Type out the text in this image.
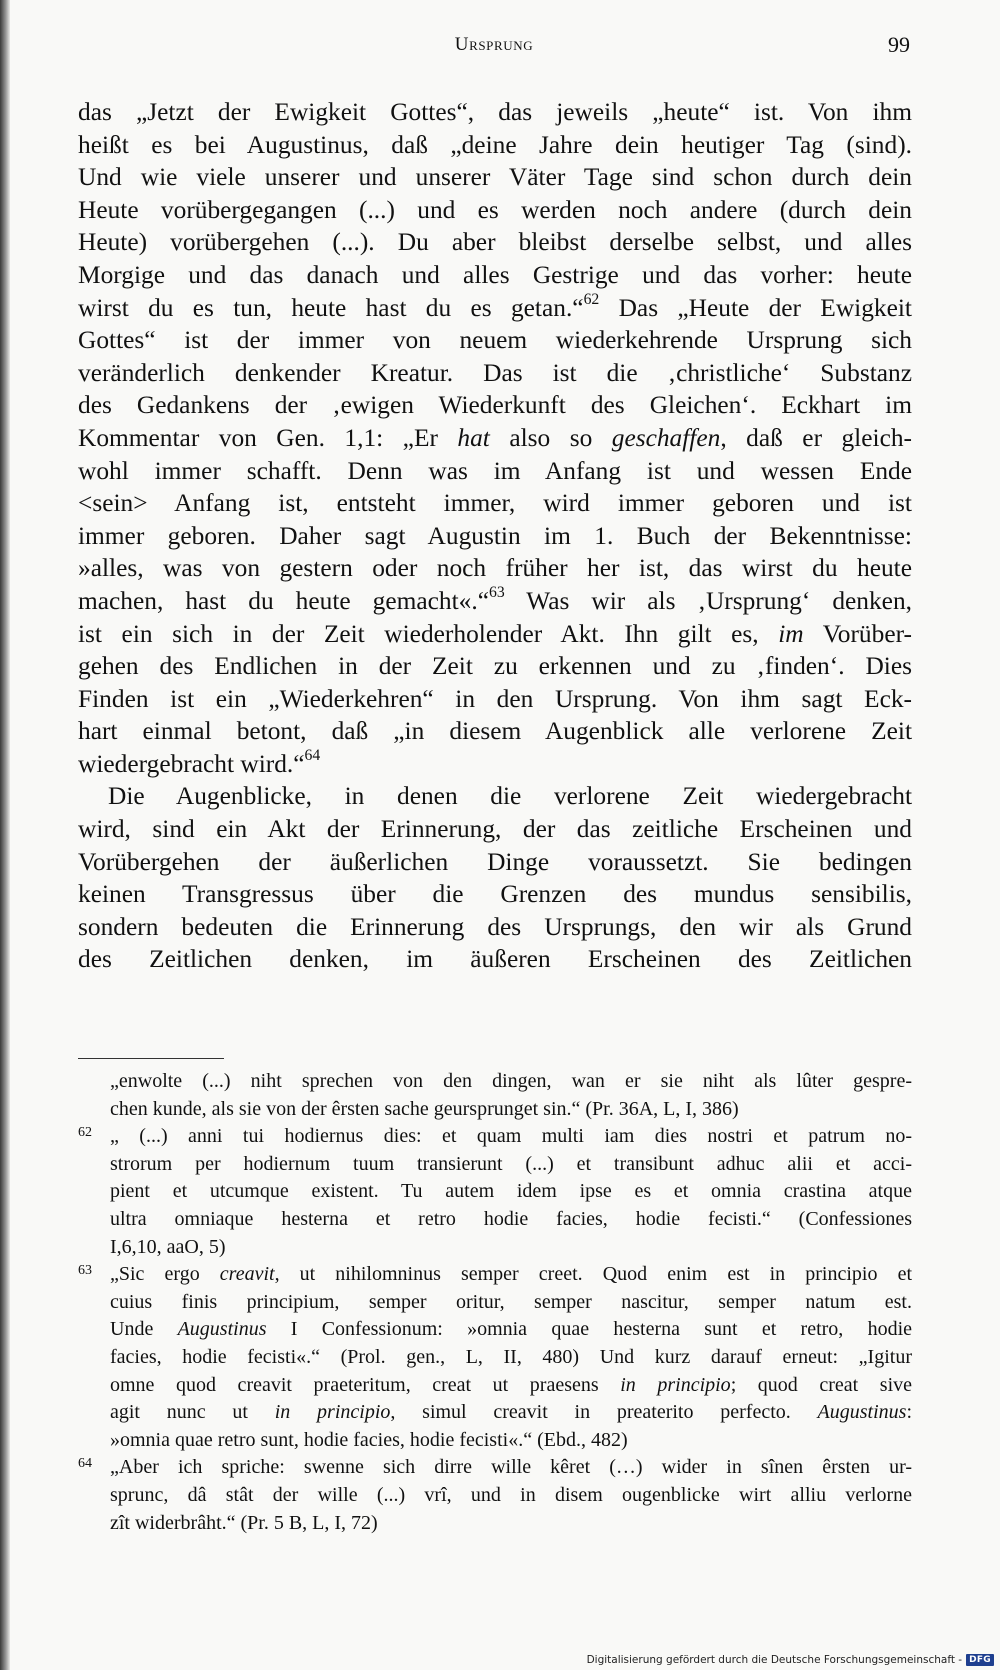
Ursprung	99
das „Jetzt der Ewigkeit Gottes“, das jeweils „heute“ ist. Von ihm
heißt es bei Augustinus, daß „deine Jahre dein heutiger Tag (sind).
Und wie viele unserer und unserer Väter Tage sind schon durch dein
Heute vorübergegangen (...) und es werden noch andere (durch dein
Heute) vorübergehen (...). Du aber bleibst derselbe selbst, und alles
Morgige und das danach und alles Gestrige und das vorher: heute
wirst du es tun, heute hast du es getan.“$^{62}$ Das „Heute der Ewigkeit
Gottes“ ist der immer von neuem wiederkehrende Ursprung sich
veränderlich denkender Kreatur. Das ist die ‚christliche‘ Substanz
des Gedankens der ‚ewigen Wiederkunft des Gleichen‘. Eckhart im
Kommentar von Gen. 1,1: „Er hat also so geschaffen, daß er gleich-
wohl immer schafft. Denn was im Anfang ist und wessen Ende
<sein> Anfang ist, entsteht immer, wird immer geboren und ist
immer geboren. Daher sagt Augustin im 1. Buch der Bekenntnisse:
»alles, was von gestern oder noch früher her ist, das wirst du heute
machen, hast du heute gemacht«.“$^{63}$ Was wir als ‚Ursprung‘ denken,
ist ein sich in der Zeit wiederholender Akt. Ihn gilt es, im Vorüber-
gehen des Endlichen in der Zeit zu erkennen und zu ‚finden‘. Dies
Finden ist ein „Wiederkehren“ in den Ursprung. Von ihm sagt Eck-
hart einmal betont, daß „in diesem Augenblick alle verlorene Zeit
wiedergebracht wird.“$^{64}$
Die Augenblicke, in denen die verlorene Zeit wiedergebracht
wird, sind ein Akt der Erinnerung, der das zeitliche Erscheinen und
Vorübergehen der äußerlichen Dinge voraussetzt. Sie bedingen
keinen Transgressus über die Grenzen des mundus sensibilis,
sondern bedeuten die Erinnerung des Ursprungs, den wir als Grund
des Zeitlichen denken, im äußeren Erscheinen des Zeitlichen
„enwolte (...) niht sprechen von den dingen, wan er sie niht als lûter gespre-
chen kunde, als sie von der êrsten sache geursprunget sin.“ (Pr. 36A, L, I, 386)
62 „ (...) anni tui hodiernus dies: et quam multi iam dies nostri et patrum no-
strorum per hodiernum tuum transierunt (...) et transibunt adhuc alii et acci-
pient et utcumque existent. Tu autem idem ipse es et omnia crastina atque
ultra omniaque hesterna et retro hodie facies, hodie fecisti.“ (Confessiones
I,6,10, aaO, 5)
63 „Sic ergo creavit, ut nihilomninus semper creet. Quod enim est in principio et
cuius finis principium, semper oritur, semper nascitur, semper natum est.
Unde Augustinus I Confessionum: »omnia quae hesterna sunt et retro, hodie
facies, hodie fecisti«.“ (Prol. gen., L, II, 480) Und kurz darauf erneut: „Igitur
omne quod creavit praeteritum, creat ut praesens in principio; quod creat sive
agit nunc ut in principio, simul creavit in preaterito perfecto. Augustinus:
»omnia quae retro sunt, hodie facies, hodie fecisti«.“ (Ebd., 482)
64 „Aber ich spriche: swenne sich dirre wille kêret (…) wider in sînen êrsten ur-
sprunc, dâ stât der wille (...) vrî, und in disem ougenblicke wirt alliu verlorne
zît widerbrâht.“ (Pr. 5 B, L, I, 72)
Digitalisierung gefördert durch die Deutsche Forschungsgemeinschaft - DFG
